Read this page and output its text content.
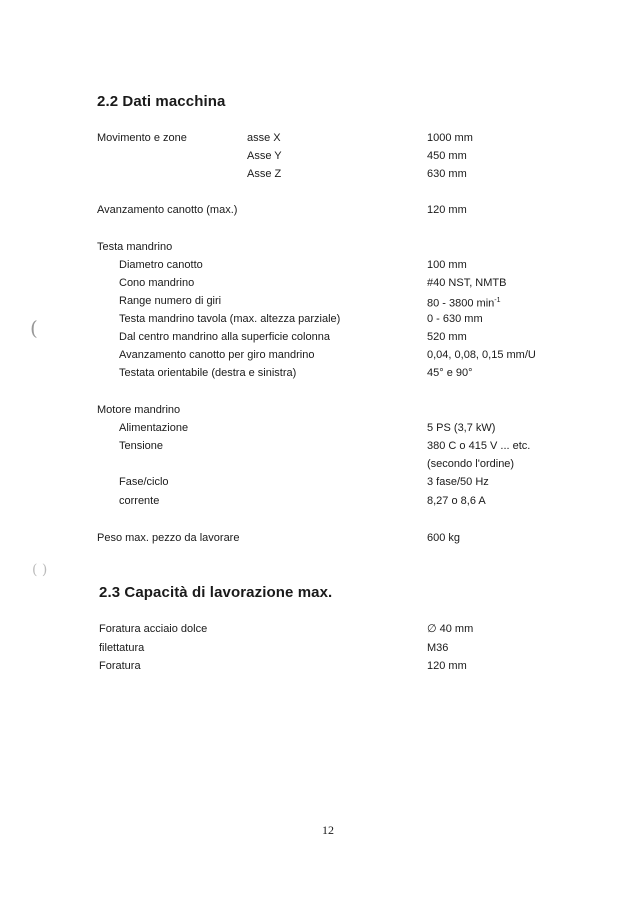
2.2 Dati macchina
Movimento e zone	asse X	1000 mm
Asse Y	450 mm
Asse Z	630 mm
Avanzamento canotto (max.)	120 mm
Testa mandrino
Diametro canotto	100 mm
Cono mandrino	#40 NST, NMTB
Range numero di giri	80 - 3800 $\min^{-1}$
Testa mandrino tavola (max. altezza parziale)	0 - 630 mm
Dal centro mandrino alla superficie colonna	520 mm
Avanzamento canotto per giro mandrino	0,04, 0,08, 0,15 mm/U
Testata orientabile (destra e sinistra)	45° e 90°
Motore mandrino
Alimentazione	5 PS (3,7 kW)
Tensione	380 C o 415 V ... etc.
(secondo l'ordine)
Fase/ciclo	3 fase/50 Hz
corrente	8,27 o 8,6 A
Peso max. pezzo da lavorare	600 kg
2.3 Capacità di lavorazione max.
Foratura acciaio dolce	∅ 40 mm
filettatura	M36
Foratura	120 mm
12
(
( )
